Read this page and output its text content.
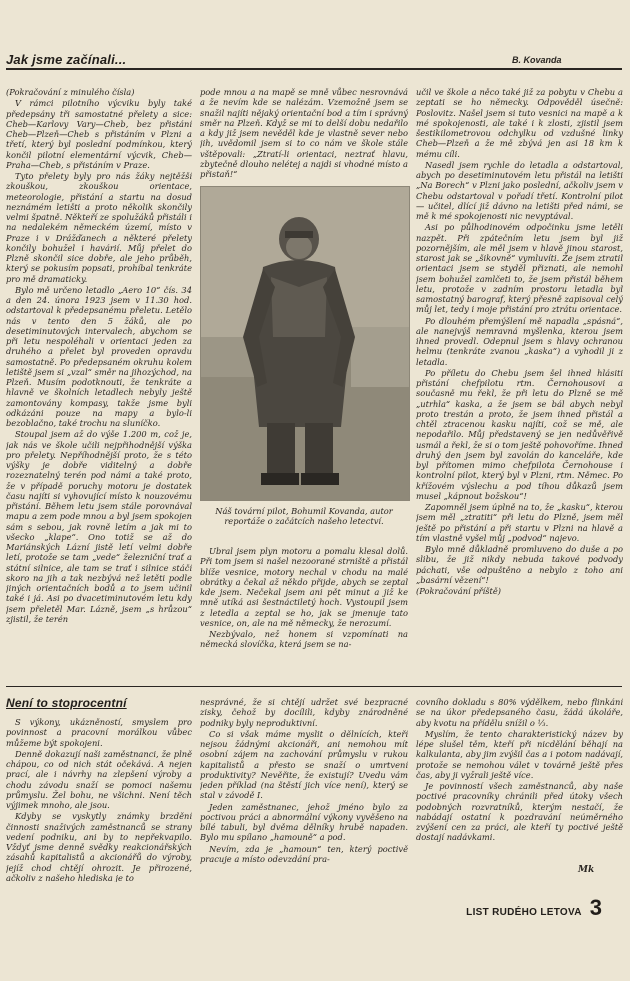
Jak jsme začínali...	B. Kovanda

(Pokračování z minulého čísla)

V rámci pilotního výcviku byly také předepsány tři samostatné přelety a sice: Cheb—Karlovy Vary—Cheb, bez přistání Cheb—Plzeň—Cheb s přistáním v Plzni a třetí, který byl poslední podmínkou, který končil pilotní elementární výcvik, Cheb—Praha—Cheb, s přistáním v Praze.

Tyto přelety byly pro nás žáky nejtěžší zkouškou, zkouškou orientace, meteorologie, přistání a startu na dosud neznámém letišti a proto několik skončily velmi špatně. Někteří ze spolužáků přistáli i na nedalekém německém území, místo v Praze i v Drážďanech a některé přelety končily bohužel i havárií. Můj přelet do Plzně skončil sice dobře, ale jeho průběh, který se pokusím popsati, prohíbal tenkráte pro mě dramaticky.

Bylo mě určeno letadlo „Aero 10“ čís. 34 a den 24. února 1923 jsem v 11.30 hod. odstartoval k předepsanému přeletu. Letělo nás v tento den 5 žáků, ale po desetiminutových intervalech, abychom se při letu nespoléhali v orientaci jeden za druhého a přelet byl proveden opravdu samostatně. Po předepsaném okruhu kolem letiště jsem si „vzal“ směr na jihozýchod, na Plzeň. Musím podotknouti, že tenkráte a hlavně ve školních letadlech nebyly ještě zamontovány kompasy, takže jsme byli odkázáni pouze na mapy a bylo-li bezoblačno, také trochu na sluníčko.

Stoupal jsem až do výše 1.200 m, což je, jak nás ve škole učili nejpřihodnější výška pro přelety. Nepříhodnější proto, že s této výšky je dobře viditelný a dobře rozeznatelný terén pod námi a také proto, že v případě poruchy motoru je dostatek času najíti si vyhovující místo k nouzovému přistání. Během letu jsem stále porovnával mapu a zem pode mnou a byl jsem spokojen sám s sebou, jak rovně letím a jak mi to všecko „klape“. Ono totiž se až do Mariánských Lázní jistě letí velmi dobře letí, protože se tam „vede“ železniční trať a státní silnice, ale tam se trať i silnice stáčí skoro na jih a tak nezbývá než letěti podle jiných orientačních bodů a to jsem učinil také i já. Asi po dvacetiminutovém letu kdy jsem přeletěl Mar. Lázně, jsem „s hrůzou“ zjistil, že terén

pode mnou a na mapě se mně vůbec nesrovnává a že nevím kde se nalézám. Vzemožně jsem se snažil najíti nějaký orientační bod a tím i správný směr na Plzeň. Když se mi to delší dobu nedařilo a kdy již jsem nevěděl kde je vlastně sever nebo jih, uvědomil jsem si to co nám ve škole stále vštěpovali: „Ztratí-li orientaci, neztrať hlavu, zbytečně dlouho nelétej a najdi si vhodné místo a přistaň!“

Náš tovární pilot, Bohumil Kovanda, autor reportáže o začátcích našeho letectví.

Ubral jsem plyn motoru a pomalu klesal dolů. Při tom jsem si našel nezoorané strniště a přistál blíže vesnice, motory nechal v chodu na malé obrátky a čekal až někdo přijde, abych se zeptal kde jsem. Nečekal jsem ani pět minut a již ke mně utíká asi šestnáctiletý hoch. Vystoupil jsem z letedla a zeptal se ho, jak se jmenuje tato vesnice, on, ale na mě německy, že nerozumí.

Nezbývalo, než honem si vzpomínati na německá slovíčka, která jsem se na-

učil ve škole a něco také již za pobytu v Chebu a zeptati se ho německy. Odpověděl úsečně: Poslovitz. Našel jsem si tuto vesnici na mapě a k mé spokojenosti, ale také i k zlosti, zjistil jsem šestikilometrovou odchylku od vzdušné linky Cheb—Plzeň a že mě zbývá jen asi 18 km k mému cíli.

Nasedl jsem rychle do letadla a odstartoval, abych po desetiminutovém letu přistál na letišti „Na Borech“ v Plzni jako poslední, ačkoliv jsem v Chebu odstartoval v pořadí třetí. Kontrolní pilot — učitel, dlící již dávno na letišti před námi, se mě k mé spokojenosti nic nevyptával.

Asi po půlhodinovém odpočinku jsme letěli nazpět. Při zpátečním letu jsem byl již pozornějším, ale měl jsem v hlavě jinou starost, starost jak se „šikovně“ vymluvíti. Že jsem ztratil orientaci jsem se styděl přiznati, ale nemohl jsem bohužel zamlčeti to, že jsem přistál během letu, protože v zadním prostoru letadla byl samostatný barograf, který přesně zapisoval celý můj let, tedy i moje přistání pro ztrátu orientace.

Po dlouhém přemýšlení mě napadla „spásná“, ale nanejvýš nemravná myšlenka, kterou jsem ihned provedl. Odepnul jsem s hlavy ochranou helmu (tenkráte zvanou „kaska“) a vyhodil ji z letadla.

Po příletu do Chebu jsem šel ihned hlásiti přistání chefpilotu rtm. Černohousovi a současně mu řekl, že při letu do Plzně se mě „utrhla“ kaska, a že jsem se bál abych nebyl proto trestán a proto, že jsem ihned přistál a chtěl ztracenou kasku najíti, což se mě, ale nepodařilo. Můj představený se jen nedůvěřivě usmál a řekl, že si o tom ještě pohovoříme. Ihned druhý den jsem byl zavolán do kanceláře, kde byl přítomen mimo chefpilota Černohouse i kontrolní pilot, který byl v Plzni, rtm. Němec. Po křížovém výslechu a pod tíhou důkazů jsem musel „kápnout božskou“!

Zapomněl jsem úplně na to, že „kasku“, kterou jsem měl „ztratiti“ při letu do Plzně, jsem měl ještě po přistání a při startu v Plzni na hlavě a tím vlastně vyšel můj „podvod“ najevo.

Bylo mně důkladně promluveno do duše a po slibu, že již nikdy nebuda takové podvody páchati, vše odpuštěno a nebylo z toho ani „basární vězení“!

(Pokračování příště)

Není to stoprocentní

S výkony, ukázněností, smyslem pro povinnost a pracovní morálkou vůbec můžeme být spokojeni.

Denně dokazují naši zaměstnanci, že plně chápou, co od nich stát očekává. A nejen prací, ale i návrhy na zlepšení výroby a chodu závodu snaží se pomoci našemu průmyslu. Žel bohu, ne všichni. Není těch výjimek mnoho, ale jsou.

Kdyby se vyskytly známky brzdění činnosti snaživých zaměstnanců se strany vedení podniku, ani by to nepřekvapilo. Vždyť jsme denně svědky reakcionářských zásahů kapitalistů a akcionářů do výroby, jejíž chod chtějí ohrozit. Je přirozené, ačkoliv z našeho hlediska je to

nesprávné, že si chtějí udržet své bezpracné zisky, čehož by docílili, kdyby znárodněné podniky byly neproduktivní.

Co si však máme myslit o dělnících, kteří nejsou žádnými akcionáři, ani nemohou mít osobní zájem na zachování průmyslu v rukou kapitalistů a přesto se snaží o umrtvení produktivity? Nevěřite, že existují? Uvedu vám jeden příklad (na štěstí jich více není), který se stal v závodě I.

Jeden zaměstnanec, jehož jméno bylo za poctivou práci a abnormální výkony vyvěšeno na bílé tabuli, byl dvěma dělníky hrubě napaden. Bylo mu spílano „hamouně“ a pod.

Nevím, zda je „hamoun“ ten, který poctivě pracuje a místo odevzdání pra-

covního dokladu s 80% výdělkem, nebo flinkání se na úkor předepsaného času, žádá úkoláře, aby kvotu na přídělu snížil o ⅓.

Myslím, že tento charakteristický název by lépe slušel těm, kteří při nicdělání běhají na kalkulanta, aby jim zvýšil čas a i potom nadávají, protože se nemohou válet v továrně ještě přes čas, aby ji vyžrali ještě více.

Je povinností všech zaměstnanců, aby naše poctivé pracovníky chránili před útoky všech podobných rozvratníků, kterým nestačí, že nabádají ostatní k pozdravání neúměrného zvýšení cen za práci, ale kteří ty poctivé ještě dostají nadávkami.

Mk
LIST RUDÉHO LETOVA 3
